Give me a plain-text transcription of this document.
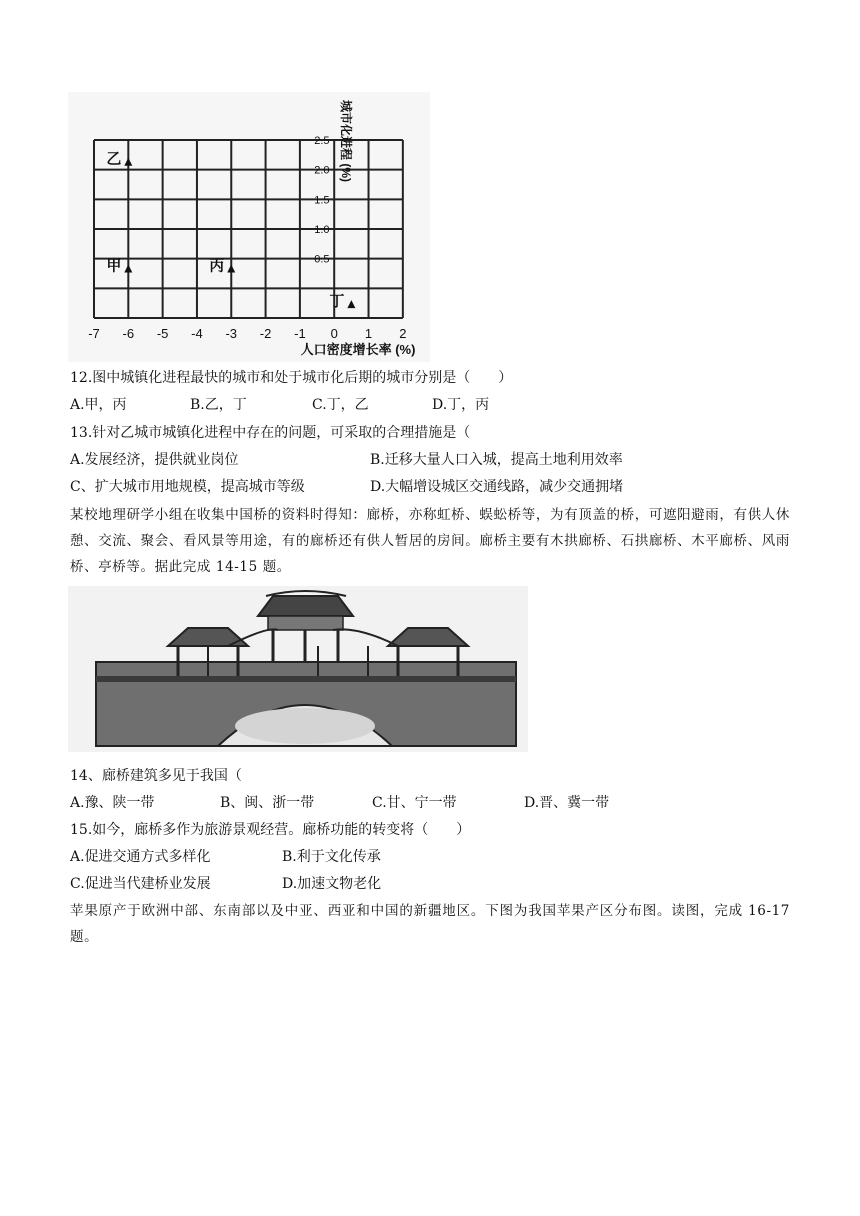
0.5
1.0
1.5
2.0
2.5
-7 -6 -5 -4 -3 -2 -1 0 1 2
甲
乙
丙
丁
人口密度增长率 (%)
城市化进程 (%)
12.图中城镇化进程最快的城市和处于城市化后期的城市分别是（　　）
A.甲，丙	B.乙，丁	C.丁，乙	D.丁，丙
13.针对乙城市城镇化进程中存在的问题，可采取的合理措施是（
A.发展经济，提供就业岗位	B.迁移大量人口入城，提高土地利用效率
C、扩大城市用地规模，提高城市等级	D.大幅增设城区交通线路，减少交通拥堵
某校地理研学小组在收集中国桥的资料时得知：廊桥，亦称虹桥、蜈蚣桥等，为有顶盖的桥，可遮阳避雨，有供人休憩、交流、聚会、看风景等用途，有的廊桥还有供人暂居的房间。廊桥主要有木拱廊桥、石拱廊桥、木平廊桥、风雨桥、亭桥等。据此完成 14-15 题。
14、廊桥建筑多见于我国（
A.豫、陕一带	B、闽、浙一带	C.甘、宁一带	D.晋、冀一带
15.如今，廊桥多作为旅游景观经营。廊桥功能的转变将（　　）
A.促进交通方式多样化	B.利于文化传承
C.促进当代建桥业发展	D.加速文物老化
苹果原产于欧洲中部、东南部以及中亚、西亚和中国的新疆地区。下图为我国苹果产区分布图。读图，完成 16-17 题。
